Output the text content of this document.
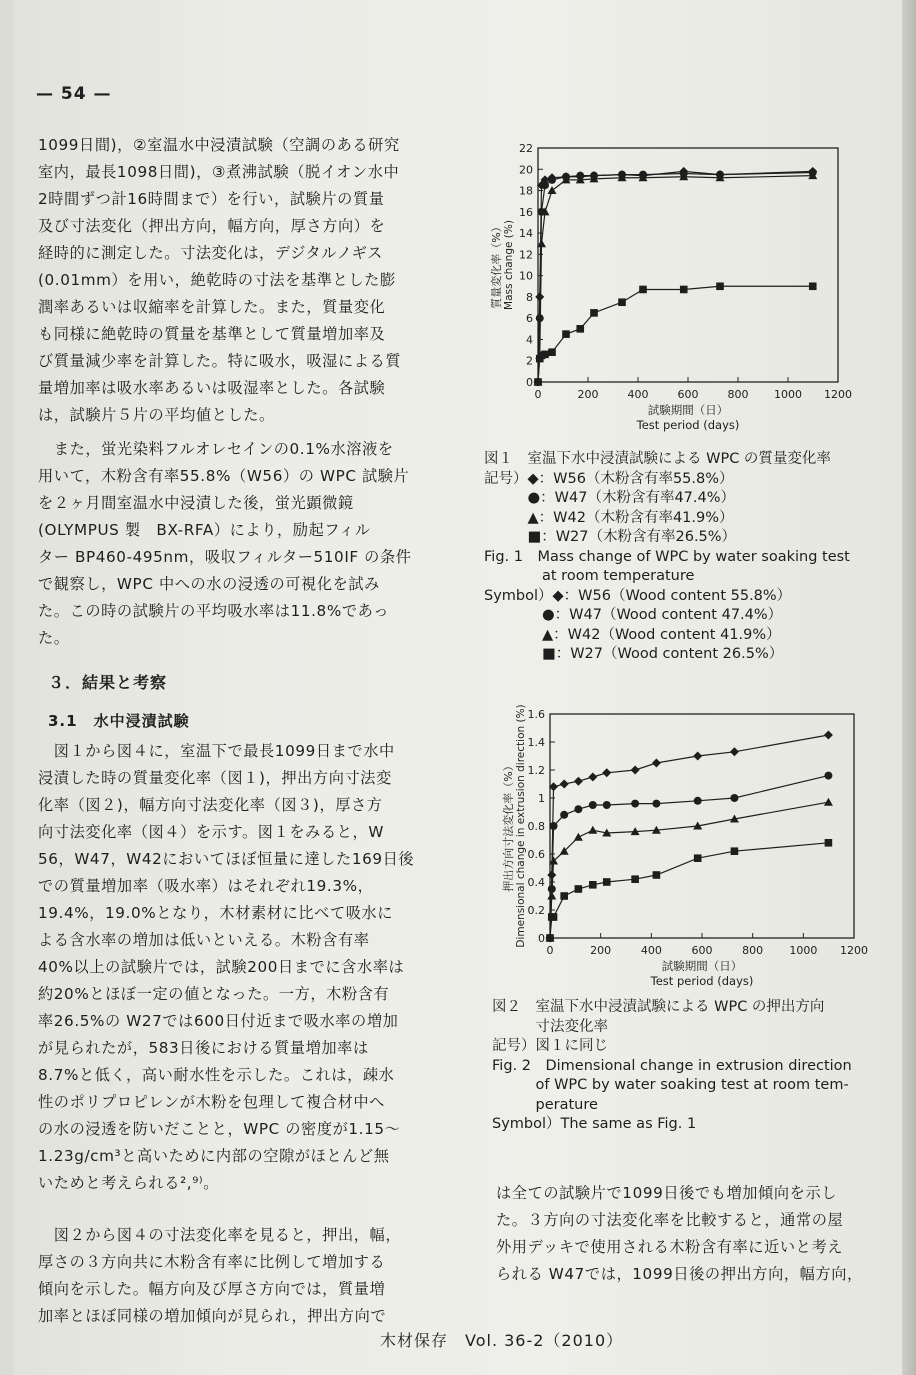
— 54 —
1099日間)，②室温水中浸漬試験（空調のある研究
室内，最長1098日間)，③煮沸試験（脱イオン水中
2時間ずつ計16時間まで）を行い，試験片の質量
及び寸法変化（押出方向，幅方向，厚さ方向）を
経時的に測定した。寸法変化は，デジタルノギス
(0.01mm）を用い，絶乾時の寸法を基準とした膨
潤率あるいは収縮率を計算した。また，質量変化
も同様に絶乾時の質量を基準として質量増加率及
び質量減少率を計算した。特に吸水，吸湿による質
量増加率は吸水率あるいは吸湿率とした。各試験
は，試験片５片の平均値とした。
　また，蛍光染料フルオレセインの0.1%水溶液を
用いて，木粉含有率55.8%（W56）の WPC 試験片
を２ヶ月間室温水中浸漬した後，蛍光顕微鏡
(OLYMPUS 製　BX-RFA）により，励起フィル
ター BP460-495nm，吸収フィルター510IF の条件
で観察し，WPC 中への水の浸透の可視化を試み
た。この時の試験片の平均吸水率は11.8%であっ
た。
３．結果と考察
3.1　水中浸漬試験
　図１から図４に，室温下で最長1099日まで水中
浸漬した時の質量変化率（図１)，押出方向寸法変
化率（図２)，幅方向寸法変化率（図３)，厚さ方
向寸法変化率（図４）を示す。図１をみると，W
56，W47，W42においてほぼ恒量に達した169日後
での質量増加率（吸水率）はそれぞれ19.3%，
19.4%，19.0%となり，木材素材に比べて吸水に
よる含水率の増加は低いといえる。木粉含有率
40%以上の試験片では，試験200日までに含水率は
約20%とほぼ一定の値となった。一方，木粉含有
率26.5%の W27では600日付近まで吸水率の増加
が見られたが，583日後における質量増加率は
8.7%と低く，高い耐水性を示した。これは，疎水
性のポリプロピレンが木粉を包理して複合材中へ
の水の浸透を防いだことと，WPC の密度が1.15～
1.23g/cm³と高いために内部の空隙がほとんど無
いためと考えられる²,⁹⁾。
　図２から図４の寸法変化率を見ると，押出，幅，
厚さの３方向共に木粉含有率に比例して増加する
傾向を示した。幅方向及び厚さ方向では，質量増
加率とほぼ同様の増加傾向が見られ，押出方向で
0	200	400	600	800 1000 1200
0
2
4
6
8
10
12
14
16
18
20
22
試験期間（日）
Test period (days)
質量変化率（%） Mass change (%)
図１　室温下水中浸漬試験による WPC の質量変化率
記号）◆：W56（木粉含有率55.8%）
　　　●：W47（木粉含有率47.4%）
　　　▲：W42（木粉含有率41.9%）
　　　■：W27（木粉含有率26.5%）
Fig. 1　Mass change of WPC by water soaking test
　　　　at room temperature
Symbol）◆：W56（Wood content 55.8%）
　　　　●：W47（Wood content 47.4%）
　　　　▲：W42（Wood content 41.9%）
　　　　■：W27（Wood content 26.5%）
0	200	400	600	800 1000 1200
0
0.2
0.4
0.6
0.8
1
1.2
1.4
1.6
試験期間（日）
Test period (days)
押出方向寸法変化率（%） Dimensional change in extrusion direction (%)
図２　室温下水中浸漬試験による WPC の押出方向
　　　寸法変化率
記号）図１に同じ
Fig. 2　Dimensional change in extrusion direction
　　　of WPC by water soaking test at room tem-
　　　perature
Symbol）The same as Fig. 1
は全ての試験片で1099日後でも増加傾向を示し
た。３方向の寸法変化率を比較すると，通常の屋
外用デッキで使用される木粉含有率に近いと考え
られる W47では，1099日後の押出方向，幅方向，
木材保存　Vol. 36-2（2010）
